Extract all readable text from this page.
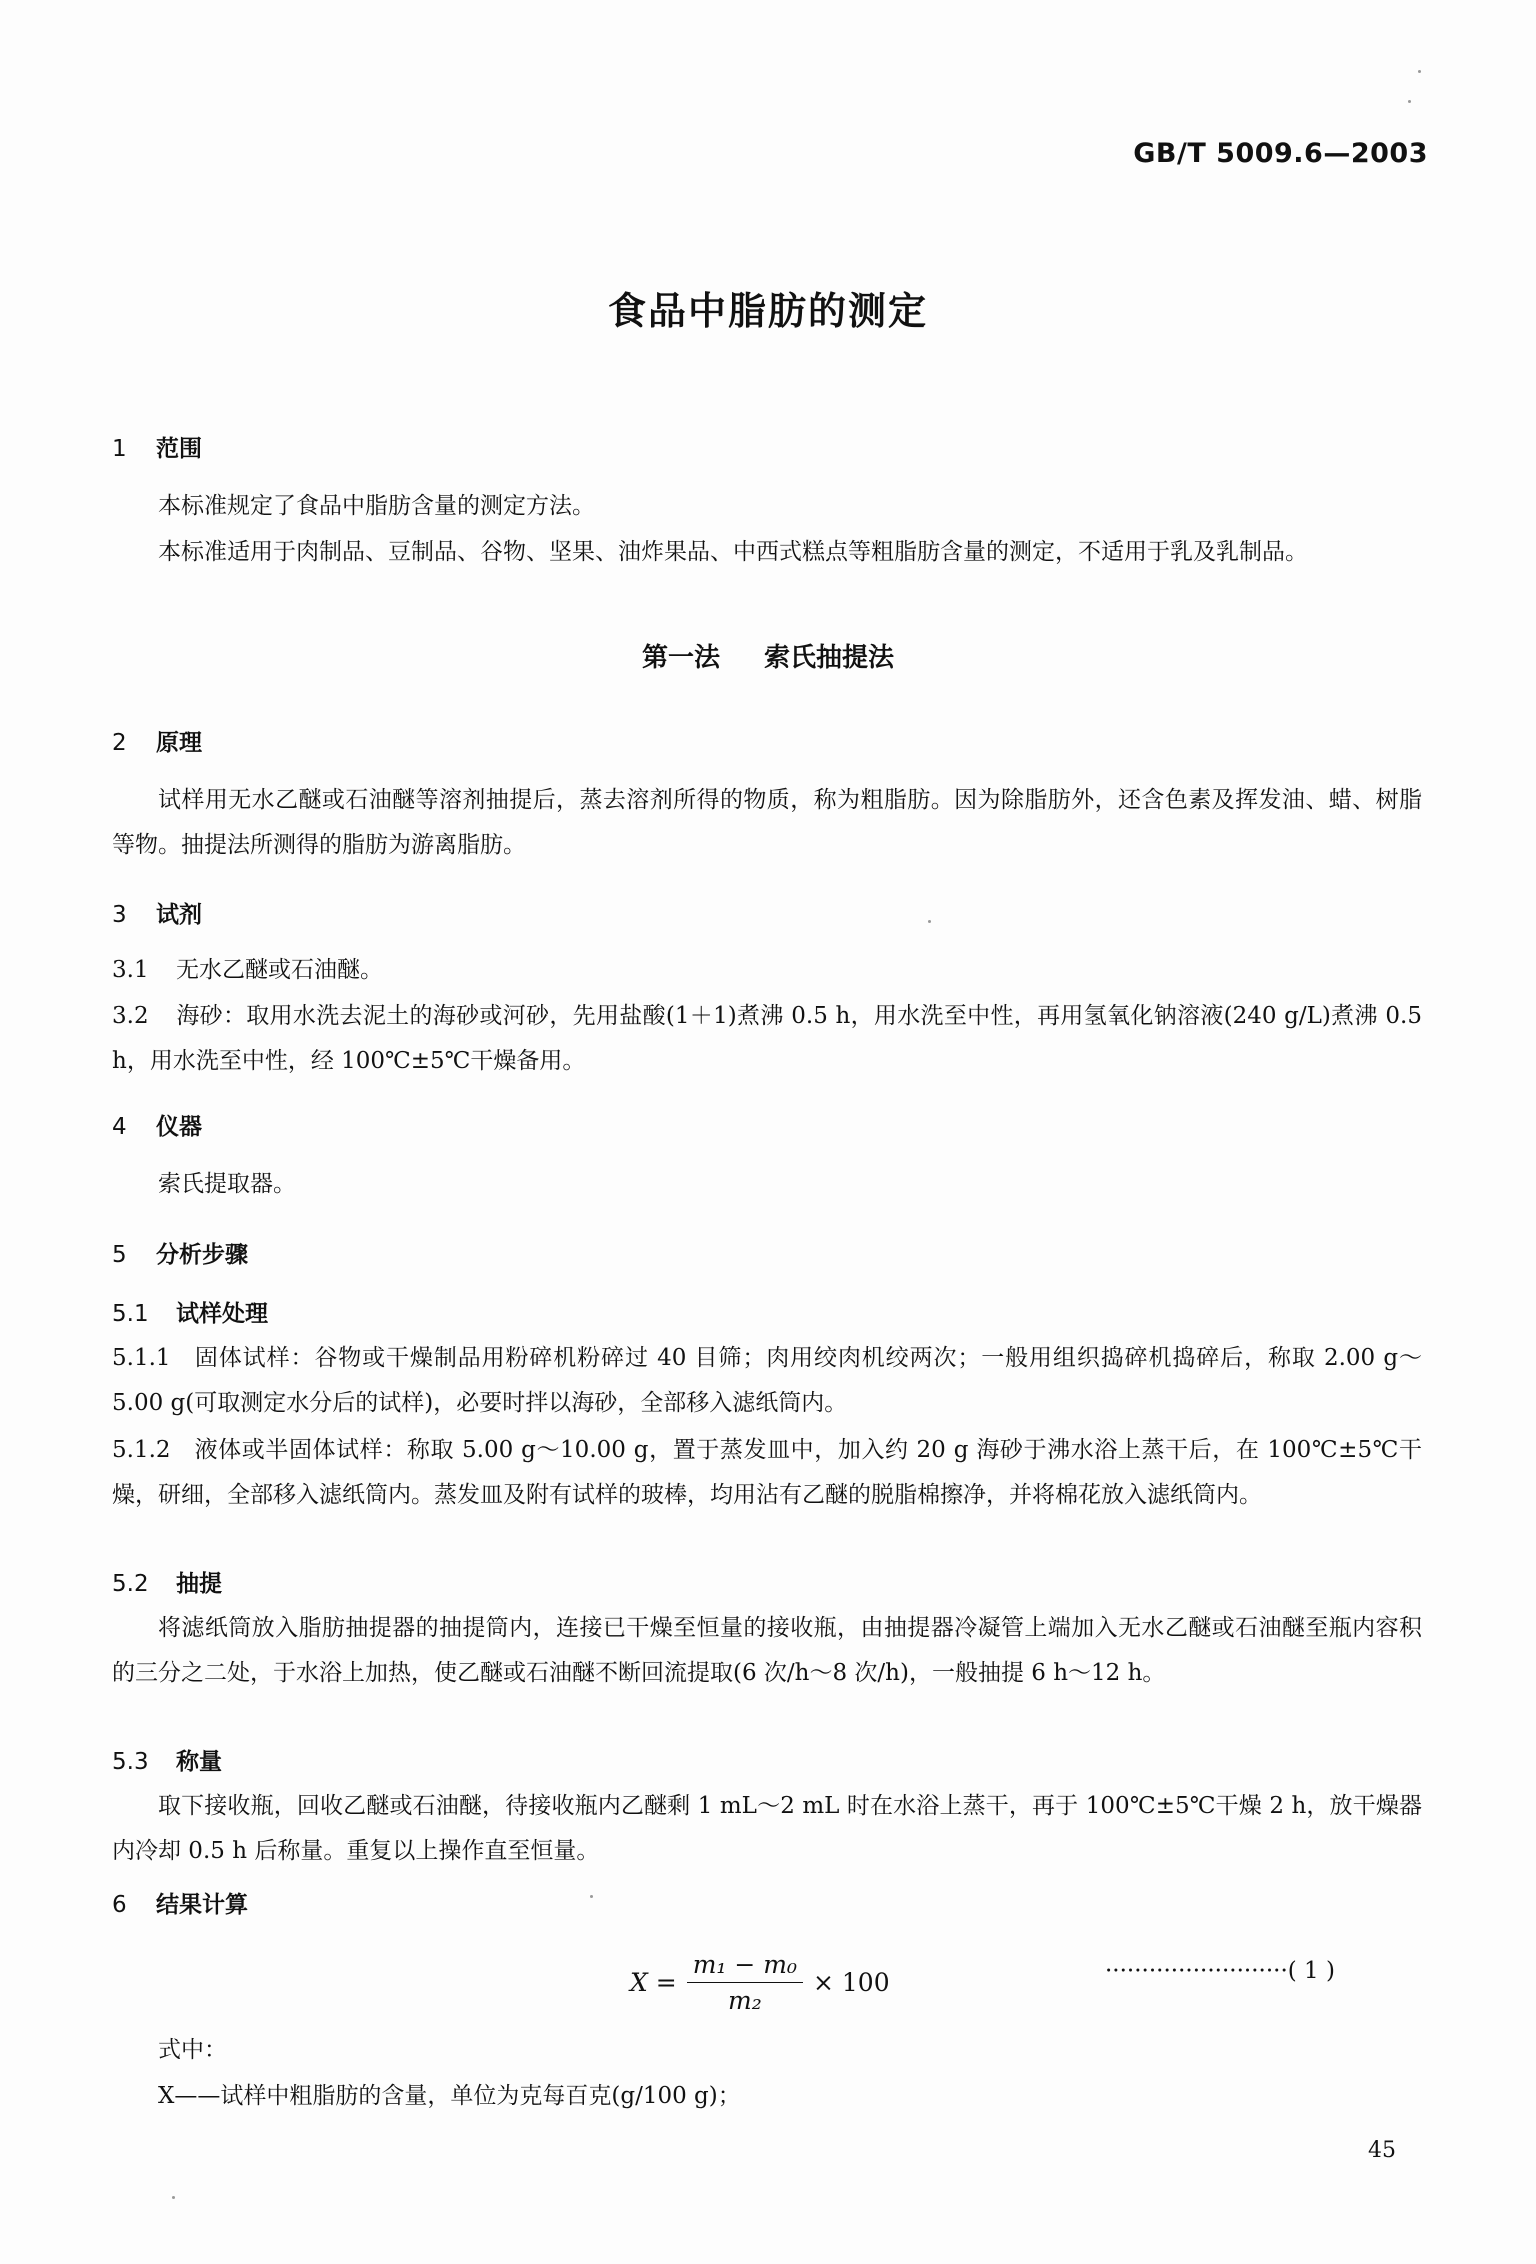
GB/T 5009.6—2003
食品中脂肪的测定
1 范围
本标准规定了食品中脂肪含量的测定方法。
本标准适用于肉制品、豆制品、谷物、坚果、油炸果品、中西式糕点等粗脂肪含量的测定，不适用于乳及乳制品。
第一法 索氏抽提法
2 原理
试样用无水乙醚或石油醚等溶剂抽提后，蒸去溶剂所得的物质，称为粗脂肪。因为除脂肪外，还含色素及挥发油、蜡、树脂等物。抽提法所测得的脂肪为游离脂肪。
3 试剂
3.1 无水乙醚或石油醚。
3.2 海砂：取用水洗去泥土的海砂或河砂，先用盐酸(1＋1)煮沸 0.5 h，用水洗至中性，再用氢氧化钠溶液(240 g/L)煮沸 0.5 h，用水洗至中性，经 100℃±5℃干燥备用。
4 仪器
索氏提取器。
5 分析步骤
5.1 试样处理
5.1.1 固体试样：谷物或干燥制品用粉碎机粉碎过 40 目筛；肉用绞肉机绞两次；一般用组织捣碎机捣碎后，称取 2.00 g～5.00 g(可取测定水分后的试样)，必要时拌以海砂，全部移入滤纸筒内。
5.1.2 液体或半固体试样：称取 5.00 g～10.00 g，置于蒸发皿中，加入约 20 g 海砂于沸水浴上蒸干后，在 100℃±5℃干燥，研细，全部移入滤纸筒内。蒸发皿及附有试样的玻棒，均用沾有乙醚的脱脂棉擦净，并将棉花放入滤纸筒内。
5.2 抽提
将滤纸筒放入脂肪抽提器的抽提筒内，连接已干燥至恒量的接收瓶，由抽提器冷凝管上端加入无水乙醚或石油醚至瓶内容积的三分之二处，于水浴上加热，使乙醚或石油醚不断回流提取(6 次/h～8 次/h)，一般抽提 6 h～12 h。
5.3 称量
取下接收瓶，回收乙醚或石油醚，待接收瓶内乙醚剩 1 mL～2 mL 时在水浴上蒸干，再于 100℃±5℃干燥 2 h，放干燥器内冷却 0.5 h 后称量。重复以上操作直至恒量。
6 结果计算
$X = \frac{\text{m₁ − m₀}}{\text{m₂}} \times 100$	·························( 1 )
式中：
X——试样中粗脂肪的含量，单位为克每百克(g/100 g)；
45
